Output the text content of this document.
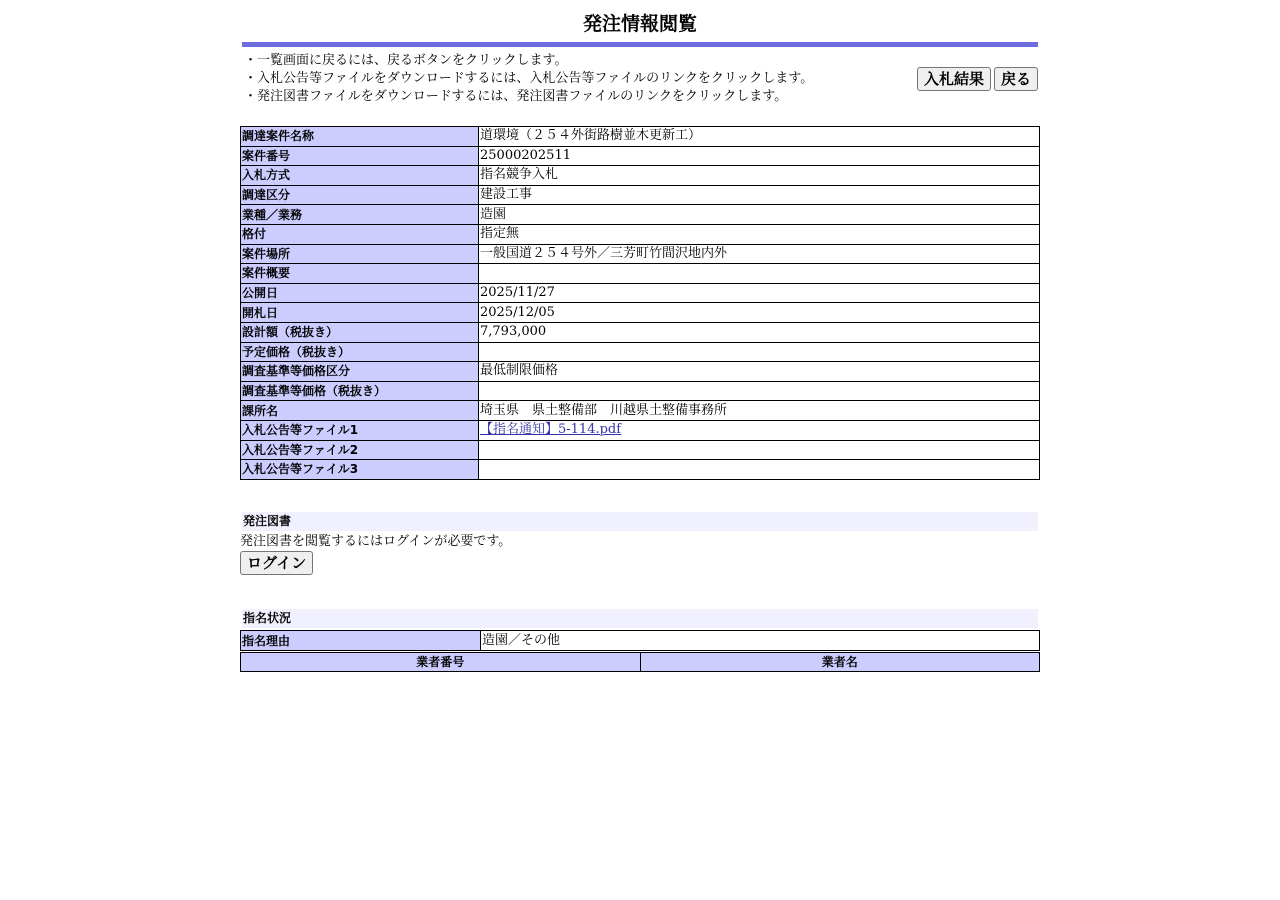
発注情報閲覧
・一覧画面に戻るには、戻るボタンをクリックします。
・入札公告等ファイルをダウンロードするには、入札公告等ファイルのリンクをクリックします。
・発注図書ファイルをダウンロードするには、発注図書ファイルのリンクをクリックします。
入札結果	戻る
調達案件名称	道環境（２５４外街路樹並木更新工）
案件番号	25000202511
入札方式	指名競争入札
調達区分	建設工事
業種／業務	造園
格付	指定無
案件場所	一般国道２５４号外／三芳町竹間沢地内外
案件概要	
公開日	2025/11/27
開札日	2025/12/05
設計額（税抜き）	7,793,000
予定価格（税抜き）	
調査基準等価格区分	最低制限価格
調査基準等価格（税抜き）	
課所名	埼玉県　県土整備部　川越県土整備事務所
入札公告等ファイル1	【指名通知】5-114.pdf
入札公告等ファイル2	
入札公告等ファイル3	
発注図書
発注図書を閲覧するにはログインが必要です。
ログイン
指名状況
指名理由	造園／その他
業者番号	業者名
